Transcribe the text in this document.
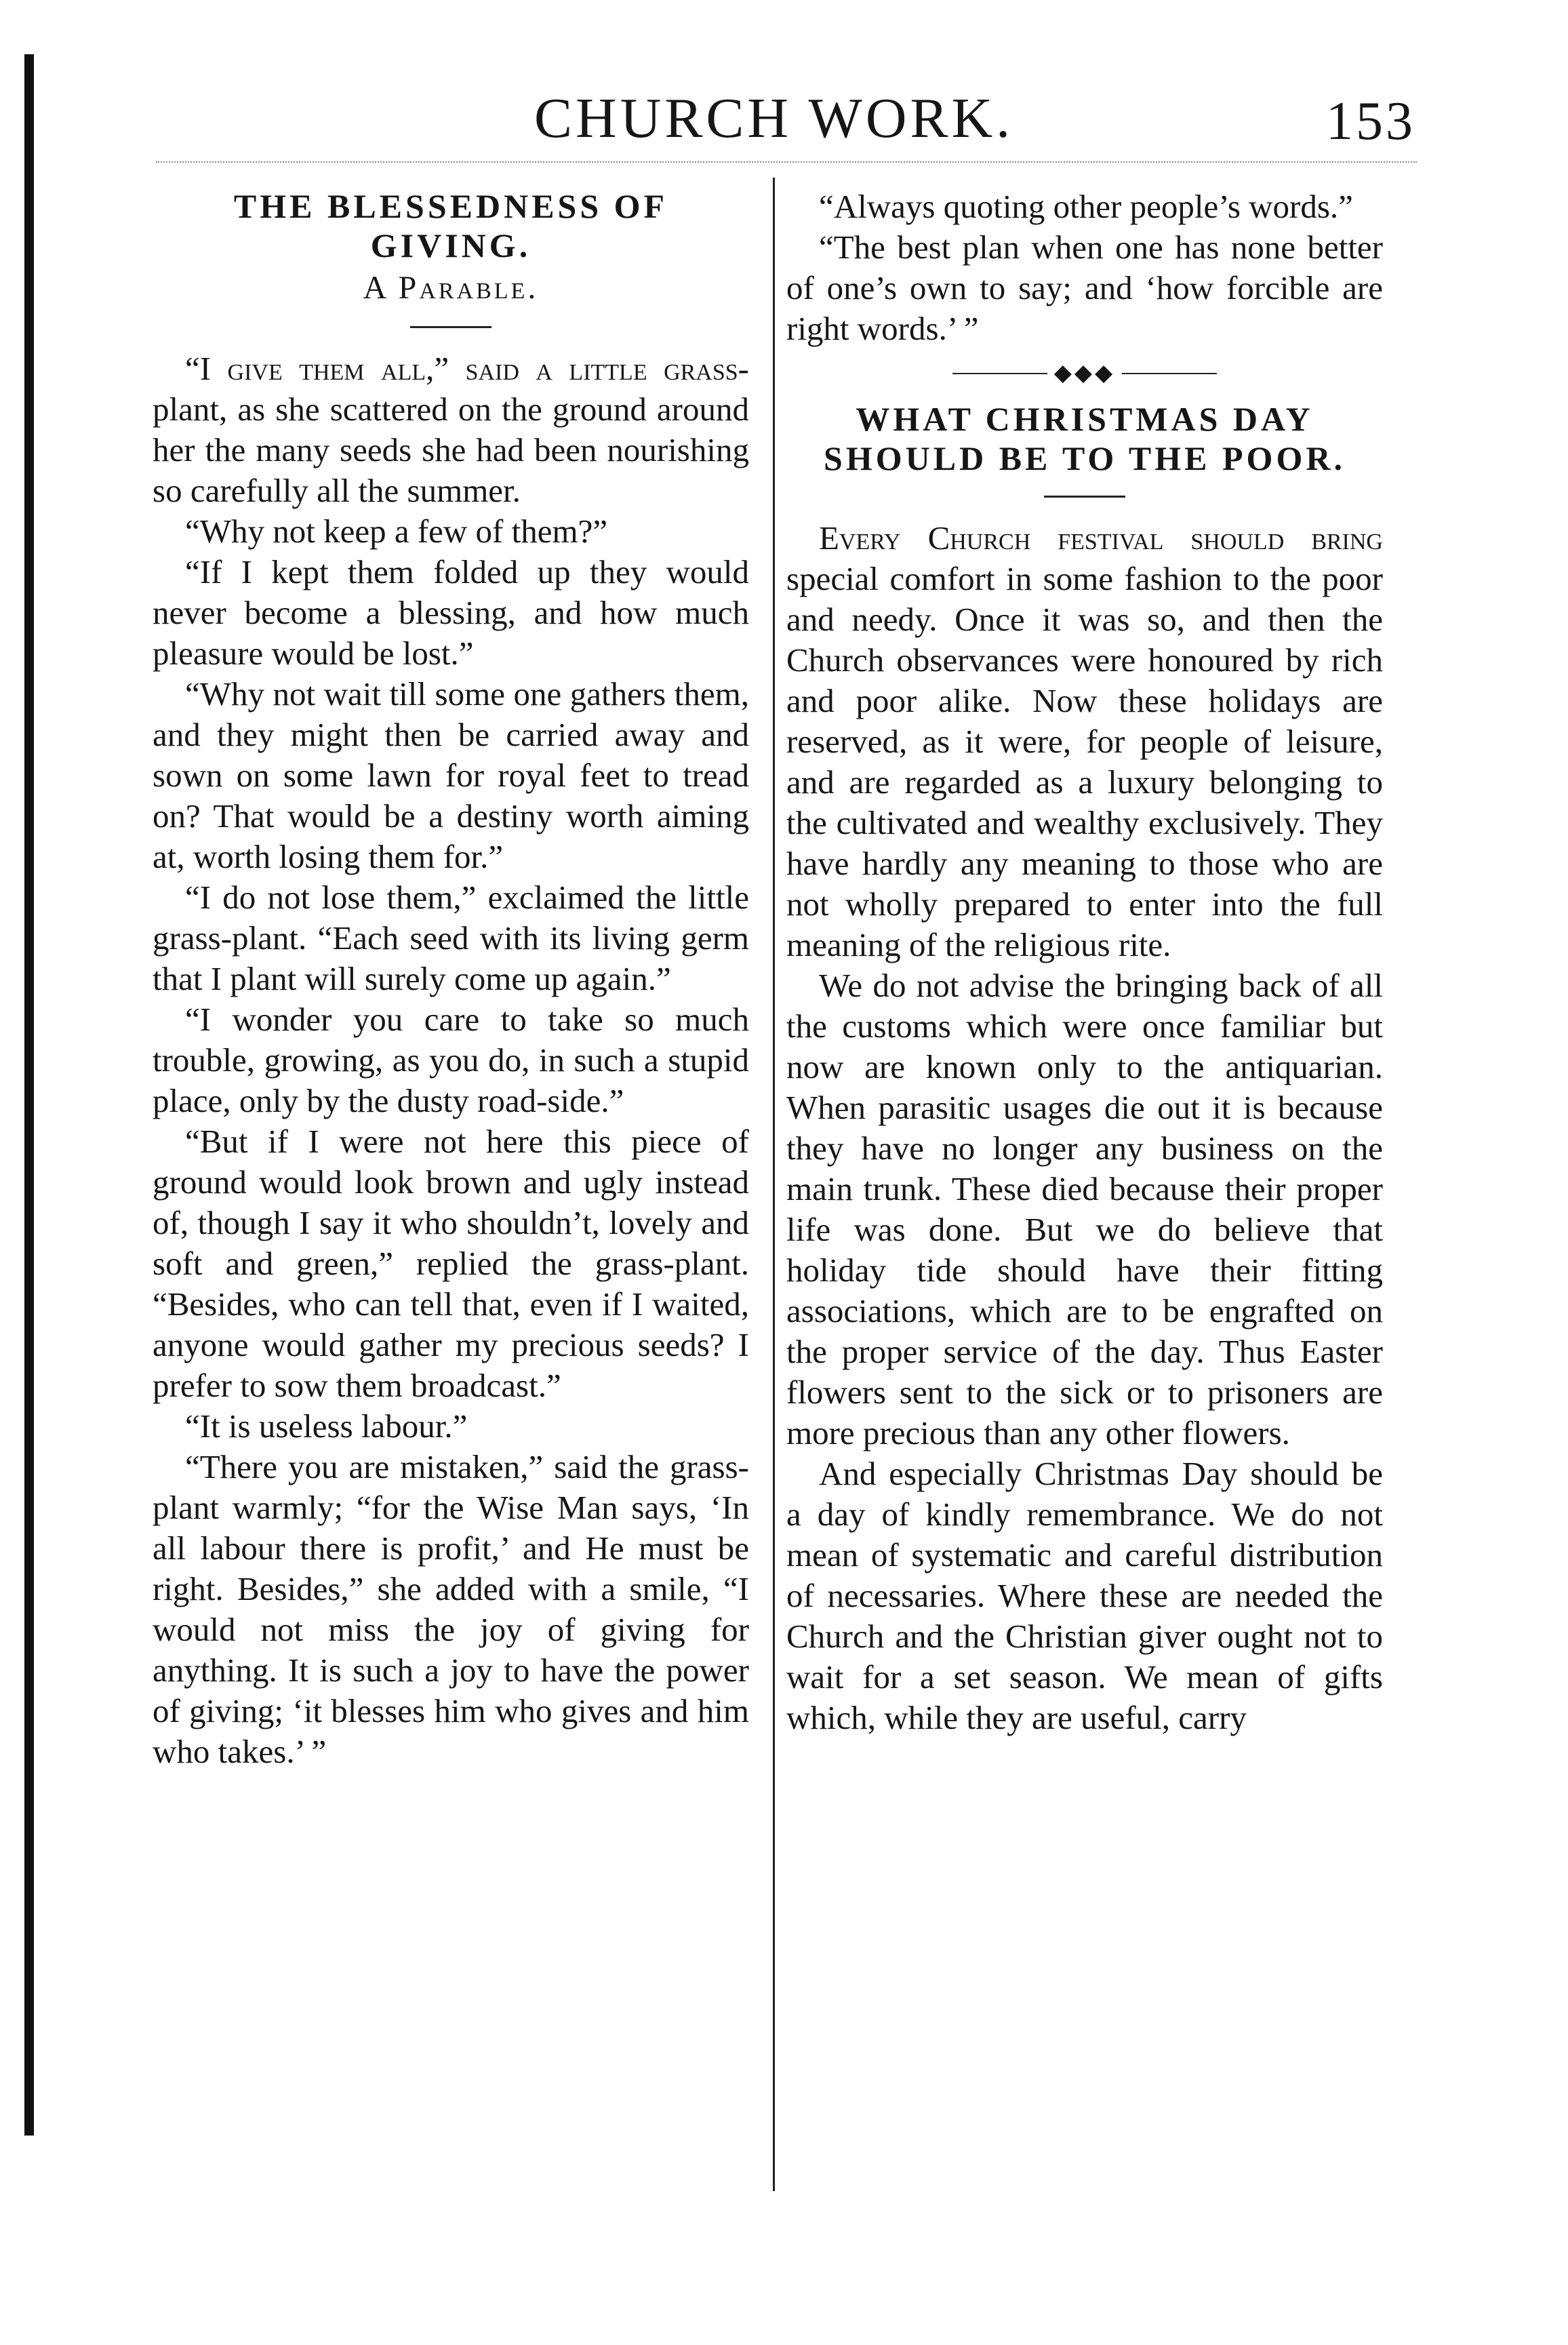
CHURCH WORK.	153
THE BLESSEDNESS OF GIVING.
A Parable.

“I give them all,” said a little grass-plant, as she scattered on the ground around her the many seeds she had been nourishing so carefully all the summer.

“Why not keep a few of them?”

“If I kept them folded up they would never become a blessing, and how much pleasure would be lost.”

“Why not wait till some one gathers them, and they might then be carried away and sown on some lawn for royal feet to tread on? That would be a destiny worth aiming at, worth losing them for.”

“I do not lose them,” exclaimed the little grass-plant. “Each seed with its living germ that I plant will surely come up again.”

“I wonder you care to take so much trouble, growing, as you do, in such a stupid place, only by the dusty road-side.”

“But if I were not here this piece of ground would look brown and ugly instead of, though I say it who shouldn’t, lovely and soft and green,” replied the grass-plant. “Besides, who can tell that, even if I waited, anyone would gather my precious seeds? I prefer to sow them broadcast.”

“It is useless labour.”

“There you are mistaken,” said the grass-plant warmly; “for the Wise Man says, ‘In all labour there is profit,’ and He must be right. Besides,” she added with a smile, “I would not miss the joy of giving for anything. It is such a joy to have the power of giving; ‘it blesses him who gives and him who takes.’ ”

“Always quoting other people’s words.”

“The best plan when one has none better of one’s own to say; and ‘how forcible are right words.’ ”

◆◆◆
WHAT CHRISTMAS DAY SHOULD BE TO THE POOR.

Every Church festival should bring special comfort in some fashion to the poor and needy. Once it was so, and then the Church observances were honoured by rich and poor alike. Now these holidays are reserved, as it were, for people of leisure, and are regarded as a luxury belonging to the cultivated and wealthy exclusively. They have hardly any meaning to those who are not wholly prepared to enter into the full meaning of the religious rite.

We do not advise the bringing back of all the customs which were once familiar but now are known only to the antiquarian. When parasitic usages die out it is because they have no longer any business on the main trunk. These died because their proper life was done. But we do believe that holiday tide should have their fitting associations, which are to be engrafted on the proper service of the day. Thus Easter flowers sent to the sick or to prisoners are more precious than any other flowers.

And especially Christmas Day should be a day of kindly remembrance. We do not mean of systematic and careful distribution of necessaries. Where these are needed the Church and the Christian giver ought not to wait for a set season. We mean of gifts which, while they are useful, carry
